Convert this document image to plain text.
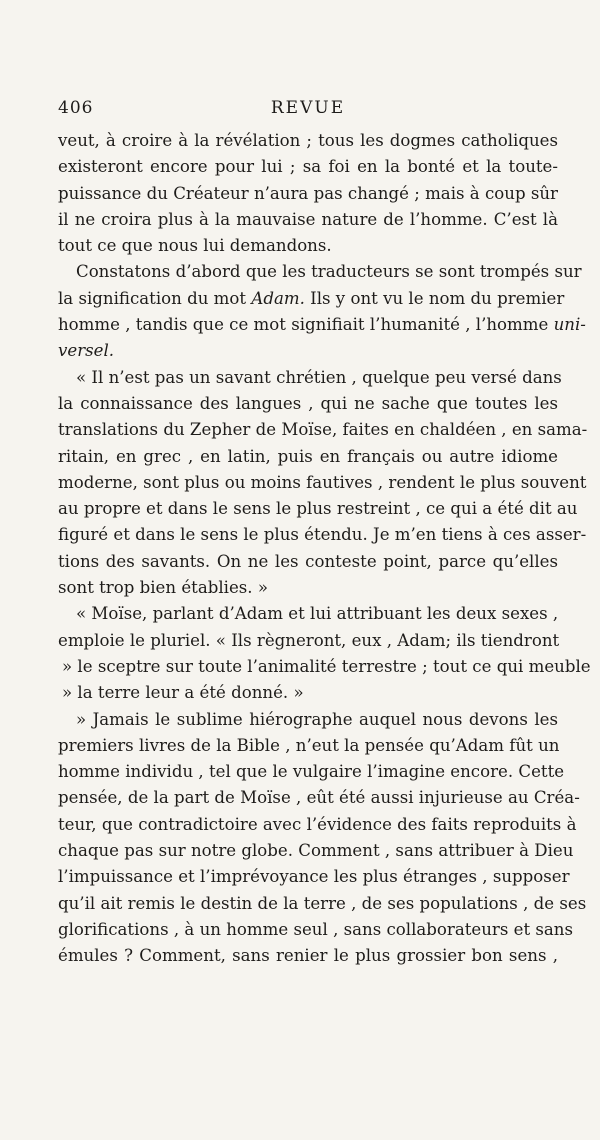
406	REVUE
veut, à croire à la révélation ; tous les dogmes catholiques
existeront encore pour lui ; sa foi en la bonté et la toute-
puissance du Créateur n’aura pas changé ; mais à coup sûr
il ne croira plus à la mauvaise nature de l’homme. C’est là
tout ce que nous lui demandons.
Constatons d’abord que les traducteurs se sont trompés sur
la signification du mot Adam. Ils y ont vu le nom du premier
homme , tandis que ce mot signifiait l’humanité , l’homme uni-
versel.
« Il n’est pas un savant chrétien , quelque peu versé dans
la connaissance des langues , qui ne sache que toutes les
translations du Zepher de Moïse, faites en chaldéen , en sama-
ritain, en grec , en latin, puis en français ou autre idiome
moderne, sont plus ou moins fautives , rendent le plus souvent
au propre et dans le sens le plus restreint , ce qui a été dit au
figuré et dans le sens le plus étendu. Je m’en tiens à ces asser-
tions des savants. On ne les conteste point, parce qu’elles
sont trop bien établies. »
« Moïse, parlant d’Adam et lui attribuant les deux sexes ,
emploie le pluriel. « Ils règneront, eux , Adam; ils tiendront
» le sceptre sur toute l’animalité terrestre ; tout ce qui meuble
» la terre leur a été donné. »
» Jamais le sublime hiérographe auquel nous devons les
premiers livres de la Bible , n’eut la pensée qu’Adam fût un
homme individu , tel que le vulgaire l’imagine encore. Cette
pensée, de la part de Moïse , eût été aussi injurieuse au Créa-
teur, que contradictoire avec l’évidence des faits reproduits à
chaque pas sur notre globe. Comment , sans attribuer à Dieu
l’impuissance et l’imprévoyance les plus étranges , supposer
qu’il ait remis le destin de la terre , de ses populations , de ses
glorifications , à un homme seul , sans collaborateurs et sans
émules ? Comment, sans renier le plus grossier bon sens ,
